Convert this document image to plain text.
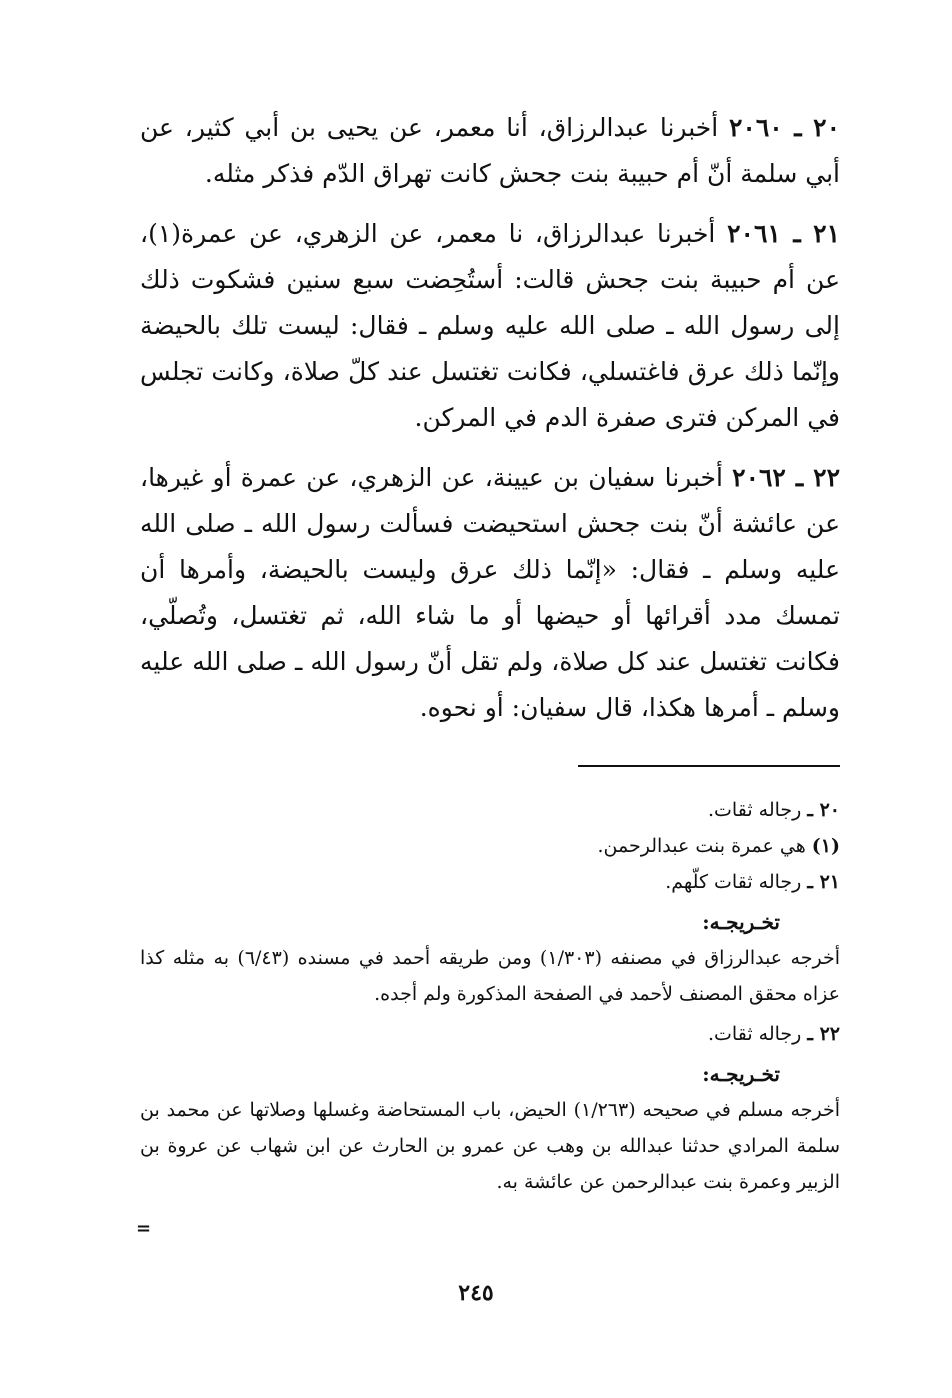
٢٠ ـ ٢٠٦٠ أخبرنا عبدالرزاق، أنا معمر، عن يحيى بن أبي كثير، عن أبي سلمة أنّ أم حبيبة بنت جحش كانت تهراق الدّم فذكر مثله.

٢١ ـ ٢٠٦١ أخبرنا عبدالرزاق، نا معمر، عن الزهري، عن عمرة(١)، عن أم حبيبة بنت جحش قالت: أستُحِضت سبع سنين فشكوت ذلك إلى رسول الله ـ صلى الله عليه وسلم ـ فقال: ليست تلك بالحيضة وإنّما ذلك عرق فاغتسلي، فكانت تغتسل عند كلّ صلاة، وكانت تجلس في المركن فترى صفرة الدم في المركن.

٢٢ ـ ٢٠٦٢ أخبرنا سفيان بن عيينة، عن الزهري، عن عمرة أو غيرها، عن عائشة أنّ بنت جحش استحيضت فسألت رسول الله ـ صلى الله عليه وسلم ـ فقال: «إنّما ذلك عرق وليست بالحيضة، وأمرها أن تمسك مدد أقرائها أو حيضها أو ما شاء الله، ثم تغتسل، وتُصلّي، فكانت تغتسل عند كل صلاة، ولم تقل أنّ رسول الله ـ صلى الله عليه وسلم ـ أمرها هكذا، قال سفيان: أو نحوه.

٢٠ ـ رجاله ثقات.

(١) هي عمرة بنت عبدالرحمن.

٢١ ـ رجاله ثقات كلّهم.

تخـريجـه:

أخرجه عبدالرزاق في مصنفه (١/٣٠٣) ومن طريقه أحمد في مسنده (٦/٤٣) به مثله كذا عزاه محقق المصنف لأحمد في الصفحة المذكورة ولم أجده.

٢٢ ـ رجاله ثقات.

تخـريجـه:

أخرجه مسلم في صحيحه (١/٢٦٣) الحيض، باب المستحاضة وغسلها وصلاتها عن محمد بن سلمة المرادي حدثنا عبدالله بن وهب عن عمرو بن الحارث عن ابن شهاب عن عروة بن الزبير وعمرة بنت عبدالرحمن عن عائشة به.

=
٢٤٥
